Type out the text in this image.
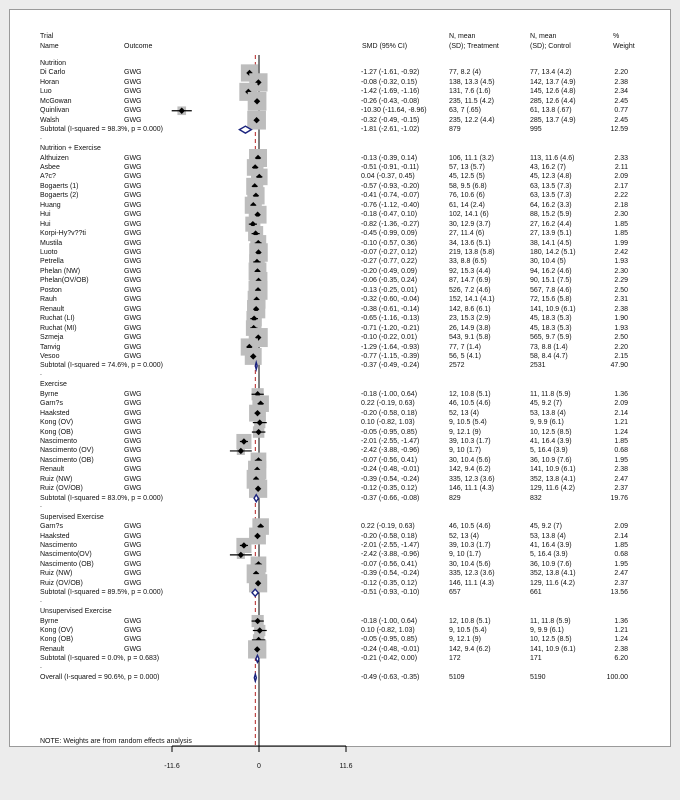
Trial
Name	Outcome	SMD (95% CI)
N, mean
(SD); Treatment
N, mean
(SD); Control
%
Weight
Nutrition
Di Carlo	GWG	-1.27 (-1.61, -0.92)	77, 8.2 (4)	77, 13.4 (4.2)	2.20
Horan	GWG	-0.08 (-0.32, 0.15)	138, 13.3 (4.5)	142, 13.7 (4.9)	2.38
Luo	GWG	-1.42 (-1.69, -1.16)	131, 7.6 (1.6)	145, 12.6 (4.8)	2.34
McGowan	GWG	-0.26 (-0.43, -0.08)	235, 11.5 (4.2)	285, 12.6 (4.4)	2.45
Quinlivan	GWG	-10.30 (-11.64, -8.96)	63, 7 (.65)	61, 13.8 (.67)	0.77
Walsh	GWG	-0.32 (-0.49, -0.15)	235, 12.2 (4.4)	285, 13.7 (4.9)	2.45
Subtotal (I-squared = 98.3%, p = 0.000)	-1.81 (-2.61, -1.02)	879	995	12.59
.
Nutrition + Exercise
Althuizen	GWG	-0.13 (-0.39, 0.14)	106, 11.1 (3.2)	113, 11.6 (4.6)	2.33
Asbee	GWG	-0.51 (-0.91, -0.11)	57, 13 (5.7)	43, 16.2 (7)	2.11
A?c?	GWG	0.04 (-0.37, 0.45)	45, 12.5 (5)	45, 12.3 (4.8)	2.09
Bogaerts (1)	GWG	-0.57 (-0.93, -0.20)	58, 9.5 (6.8)	63, 13.5 (7.3)	2.17
Bogaerts (2)	GWG	-0.41 (-0.74, -0.07)	76, 10.6 (6)	63, 13.5 (7.3)	2.22
Huang	GWG	-0.76 (-1.12, -0.40)	61, 14 (2.4)	64, 16.2 (3.3)	2.18
Hui	GWG	-0.18 (-0.47, 0.10)	102, 14.1 (6)	88, 15.2 (5.9)	2.30
Hui	GWG	-0.82 (-1.36, -0.27)	30, 12.9 (3.7)	27, 16.2 (4.4)	1.85
Korpi-Hy?v??ti	GWG	-0.45 (-0.99, 0.09)	27, 11.4 (6)	27, 13.9 (5.1)	1.85
Mustila	GWG	-0.10 (-0.57, 0.36)	34, 13.6 (5.1)	38, 14.1 (4.5)	1.99
Luoto	GWG	-0.07 (-0.27, 0.12)	219, 13.8 (5.8)	180, 14.2 (5.1)	2.42
Petrella	GWG	-0.27 (-0.77, 0.22)	33, 8.8 (6.5)	30, 10.4 (5)	1.93
Phelan (NW)	GWG	-0.20 (-0.49, 0.09)	92, 15.3 (4.4)	94, 16.2 (4.6)	2.30
Phelan(OV/OB)	GWG	-0.06 (-0.35, 0.24)	87, 14.7 (6.9)	90, 15.1 (7.5)	2.29
Poston	GWG	-0.13 (-0.25, 0.01)	526, 7.2 (4.6)	567, 7.8 (4.6)	2.50
Rauh	GWG	-0.32 (-0.60, -0.04)	152, 14.1 (4.1)	72, 15.6 (5.8)	2.31
Renault	GWG	-0.38 (-0.61, -0.14)	142, 8.6 (6.1)	141, 10.9 (6.1)	2.38
Ruchat (LI)	GWG	-0.65 (-1.16, -0.13)	23, 15.3 (2.9)	45, 18.3 (5.3)	1.90
Ruchat (MI)	GWG	-0.71 (-1.20, -0.21)	26, 14.9 (3.8)	45, 18.3 (5.3)	1.93
Szmeja	GWG	-0.10 (-0.22, 0.01)	543, 9.1 (5.8)	565, 9.7 (5.9)	2.50
Tanvig	GWG	-1.29 (-1.64, -0.93)	77, 7 (1.4)	73, 8.8 (1.4)	2.20
Vesoo	GWG	-0.77 (-1.15, -0.39)	56, 5 (4.1)	58, 8.4 (4.7)	2.15
Subtotal (I-squared = 74.6%, p = 0.000)	-0.37 (-0.49, -0.24)	2572	2531	47.90
.
Exercise
Byrne	GWG	-0.18 (-1.00, 0.64)	12, 10.8 (5.1)	11, 11.8 (5.9)	1.36
Garn?s	GWG	0.22 (-0.19, 0.63)	46, 10.5 (4.6)	45, 9.2 (7)	2.09
Haaksted	GWG	-0.20 (-0.58, 0.18)	52, 13 (4)	53, 13.8 (4)	2.14
Kong (OV)	GWG	0.10 (-0.82, 1.03)	9, 10.5 (5.4)	9, 9.9 (6.1)	1.21
Kong (OB)	GWG	-0.05 (-0.95, 0.85)	9, 12.1 (9)	10, 12.5 (8.5)	1.24
Nascimento	GWG	-2.01 (-2.55, -1.47)	39, 10.3 (1.7)	41, 16.4 (3.9)	1.85
Nascimento (OV)	GWG	-2.42 (-3.88, -0.96)	9, 10 (1.7)	5, 16.4 (3.9)	0.68
Nascimento (OB)	GWG	-0.07 (-0.56, 0.41)	30, 10.4 (5.6)	36, 10.9 (7.6)	1.95
Renault	GWG	-0.24 (-0.48, -0.01)	142, 9.4 (6.2)	141, 10.9 (6.1)	2.38
Ruiz (NW)	GWG	-0.39 (-0.54, -0.24)	335, 12.3 (3.6)	352, 13.8 (4.1)	2.47
Ruiz (OV/OB)	GWG	-0.12 (-0.35, 0.12)	146, 11.1 (4.3)	129, 11.6 (4.2)	2.37
Subtotal (I-squared = 83.0%, p = 0.000)	-0.37 (-0.66, -0.08)	829	832	19.76
.
Supervised Exercise
Garn?s	GWG	0.22 (-0.19, 0.63)	46, 10.5 (4.6)	45, 9.2 (7)	2.09
Haaksted	GWG	-0.20 (-0.58, 0.18)	52, 13 (4)	53, 13.8 (4)	2.14
Nascimento	GWG	-2.01 (-2.55, -1.47)	39, 10.3 (1.7)	41, 16.4 (3.9)	1.85
Nascimento(OV)	GWG	-2.42 (-3.88, -0.96)	9, 10 (1.7)	5, 16.4 (3.9)	0.68
Nascimento (OB)	GWG	-0.07 (-0.56, 0.41)	30, 10.4 (5.6)	36, 10.9 (7.6)	1.95
Ruiz (NW)	GWG	-0.39 (-0.54, -0.24)	335, 12.3 (3.6)	352, 13.8 (4.1)	2.47
Ruiz (OV/OB)	GWG	-0.12 (-0.35, 0.12)	146, 11.1 (4.3)	129, 11.6 (4.2)	2.37
Subtotal (I-squared = 89.5%, p = 0.000)	-0.51 (-0.93, -0.10)	657	661	13.56
.
Unsupervised Exercise
Byrne	GWG	-0.18 (-1.00, 0.64)	12, 10.8 (5.1)	11, 11.8 (5.9)	1.36
Kong (OV)	GWG	0.10 (-0.82, 1.03)	9, 10.5 (5.4)	9, 9.9 (6.1)	1.21
Kong (OB)	GWG	-0.05 (-0.95, 0.85)	9, 12.1 (9)	10, 12.5 (8.5)	1.24
Renault	GWG	-0.24 (-0.48, -0.01)	142, 9.4 (6.2)	141, 10.9 (6.1)	2.38
Subtotal (I-squared = 0.0%, p = 0.683)	-0.21 (-0.42, 0.00)	172	171	6.20
.
Overall (I-squared = 90.6%, p = 0.000)	-0.49 (-0.63, -0.35)	5109	5190	100.00
NOTE: Weights are from random effects analysis
-11.6	0	11.6
